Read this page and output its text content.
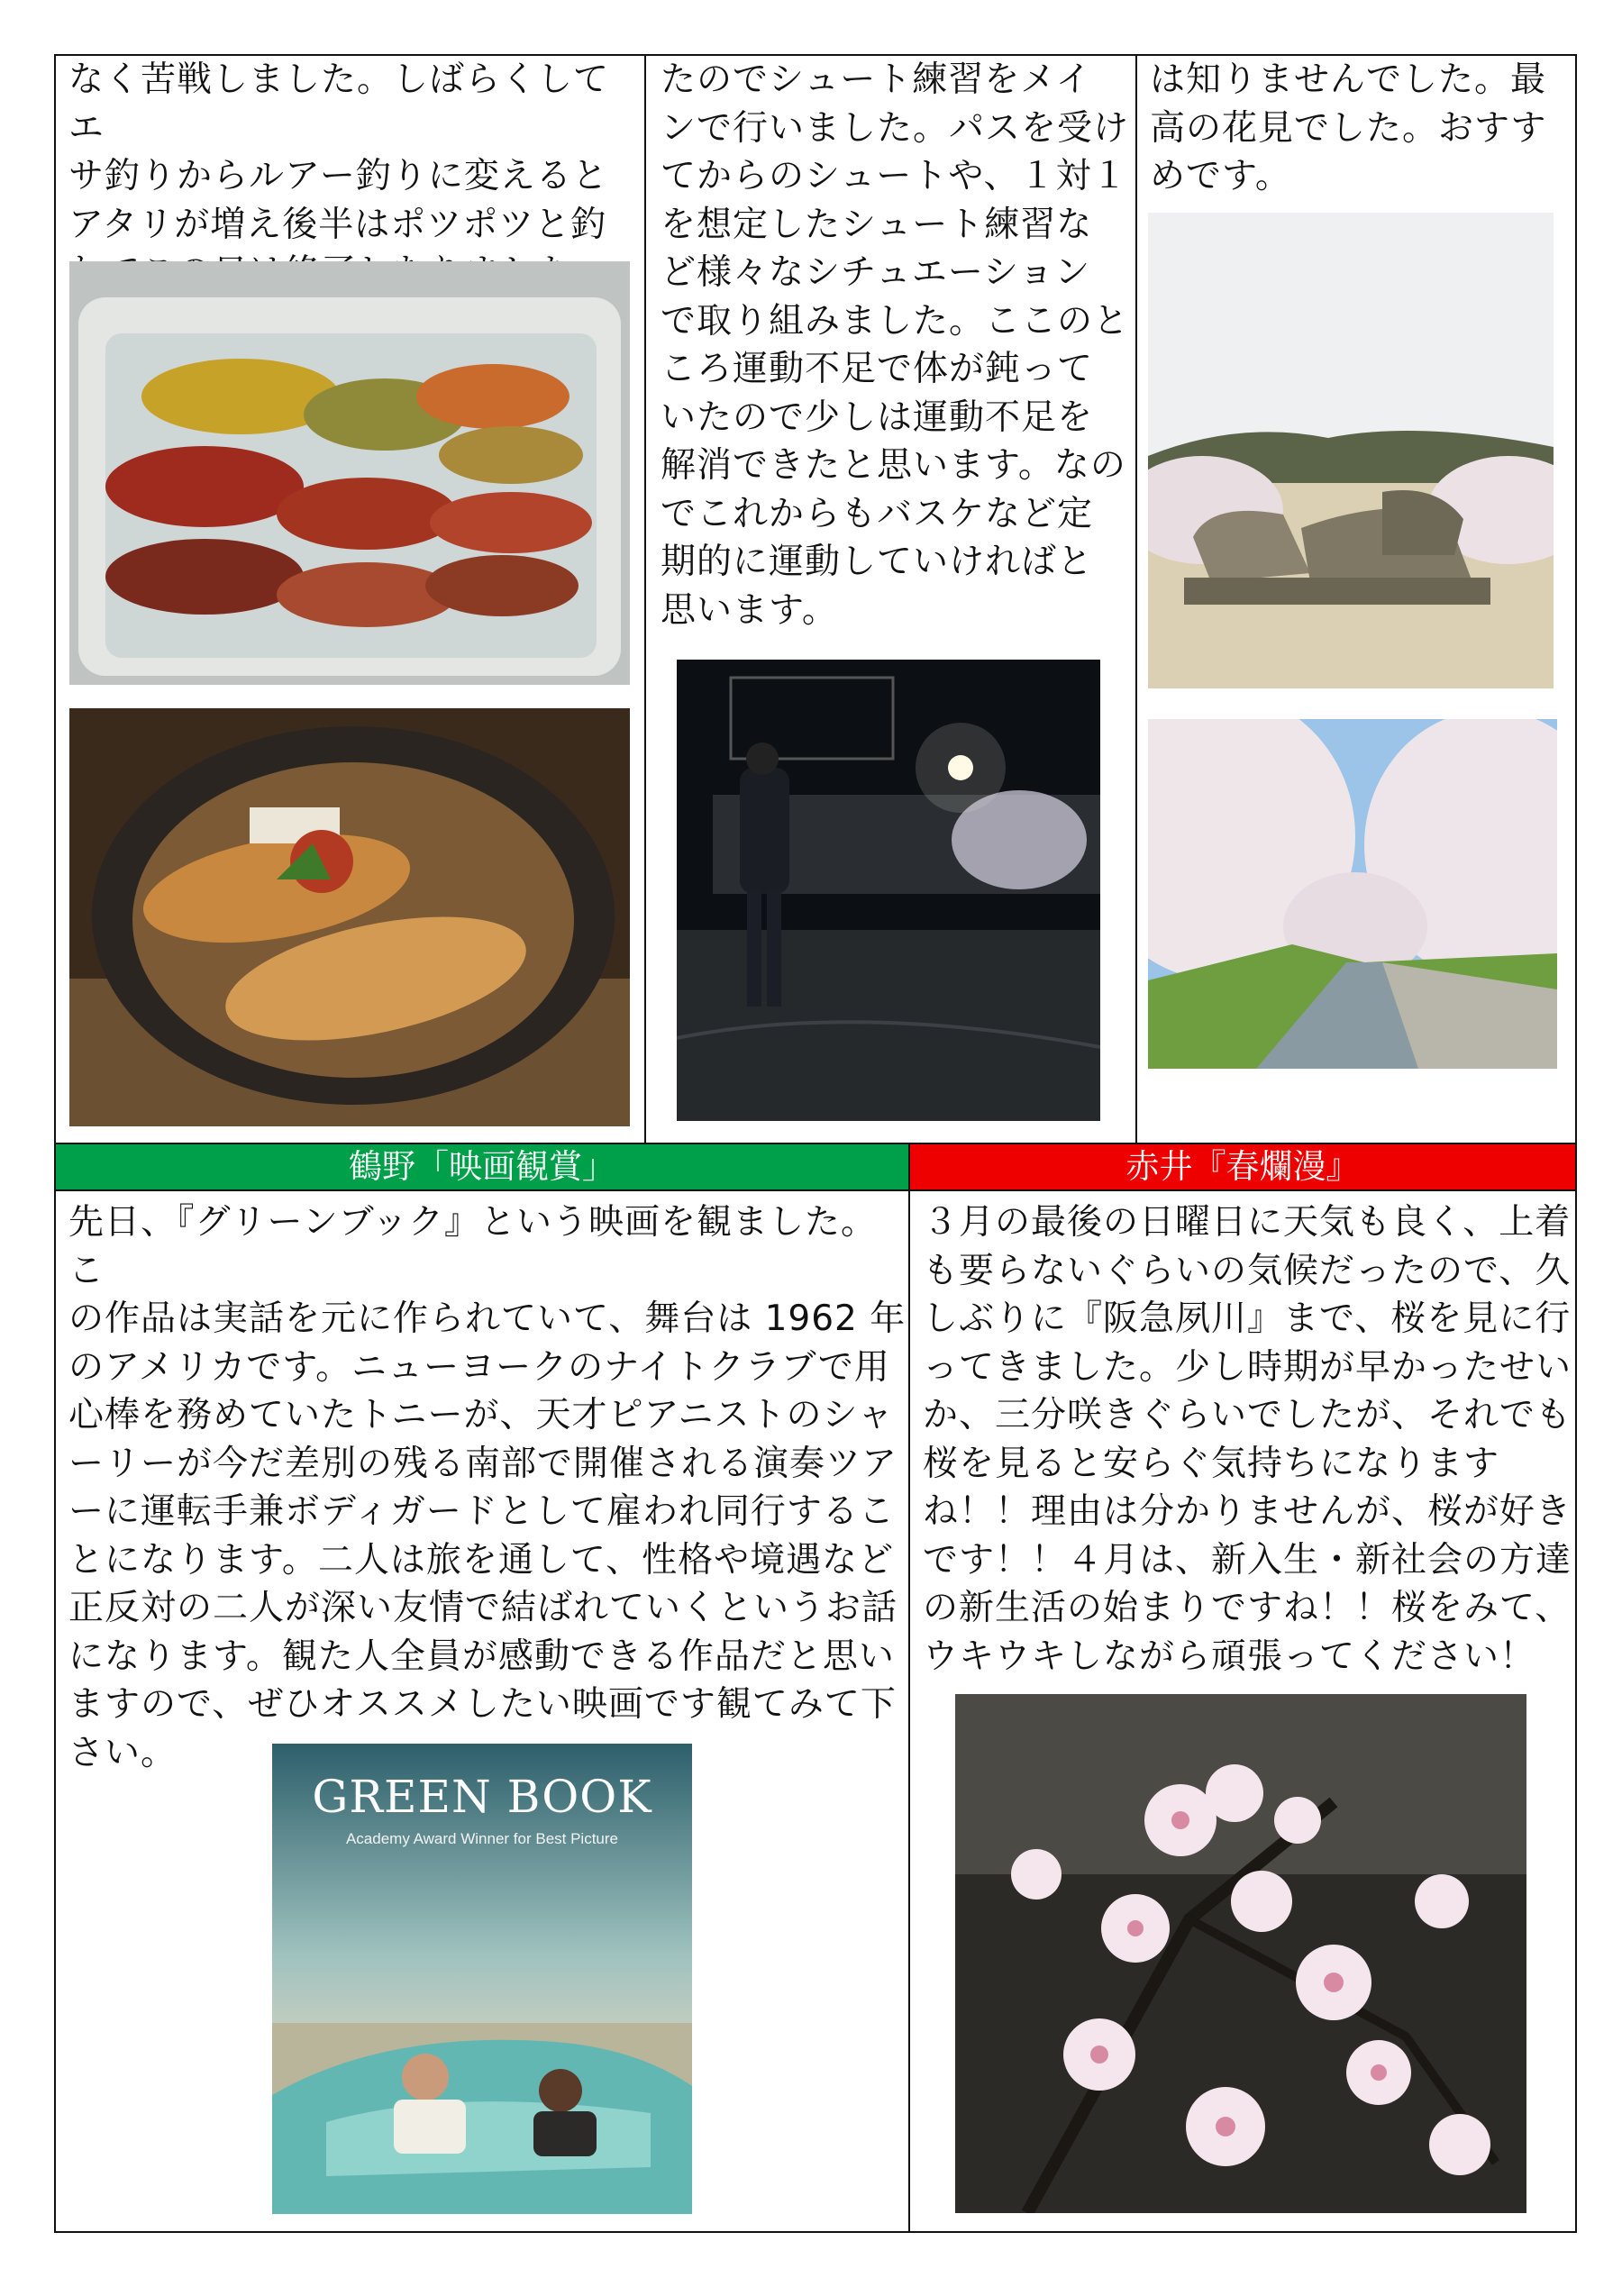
なく苦戦しました。しばらくしてエ
サ釣りからルアー釣りに変えると
アタリが増え後半はポツポツと釣

たのでシュート練習をメイ
ンで行いました。パスを受け
てからのシュートや、１対１
を想定したシュート練習な
ど様々なシチュエーション
で取り組みました。ここのと
ころ運動不足で体が鈍って
いたので少しは運動不足を
解消できたと思います。なの
でこれからもバスケなど定
期的に運動していければと
思います。
は知りませんでした。最
高の花見でした。おすす
めです。
鶴野「映画観賞」	赤井『春爛漫』
先日、『グリーンブック』という映画を観ました。こ
の作品は実話を元に作られていて、舞台は 1962 年
のアメリカです。ニューヨークのナイトクラブで用
心棒を務めていたトニーが、天才ピアニストのシャ
ーリーが今だ差別の残る南部で開催される演奏ツア
ーに運転手兼ボディガードとして雇われ同行するこ
とになります。二人は旅を通して、性格や境遇など
正反対の二人が深い友情で結ばれていくというお話
になります。観た人全員が感動できる作品だと思い
ますので、ぜひオススメしたい映画です観てみて下
さい。
GREEN BOOK
Academy Award Winner for Best Picture
３月の最後の日曜日に天気も良く、上着
も要らないぐらいの気候だったので、久
しぶりに『阪急夙川』まで、桜を見に行
ってきました。少し時期が早かったせい
か、三分咲きぐらいでしたが、それでも
桜を見ると安らぐ気持ちになります
ね！！理由は分かりませんが、桜が好き
です！！４月は、新入生・新社会の方達
の新生活の始まりですね！！桜をみて、
ウキウキしながら頑張ってください！
